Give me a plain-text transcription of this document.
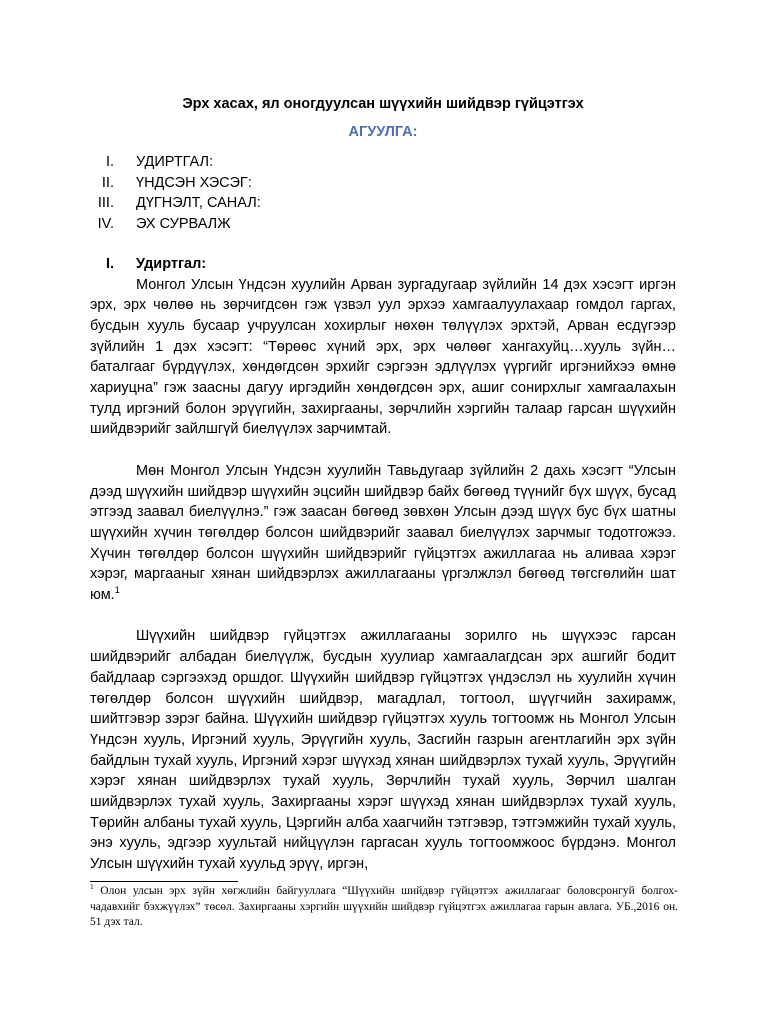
Эрх хасах, ял оногдуулсан шүүхийн шийдвэр гүйцэтгэх
АГУУЛГА:
I. УДИРТГАЛ:
II. ҮНДСЭН ХЭСЭГ:
III. ДҮГНЭЛТ, САНАЛ:
IV. ЭХ СУРВАЛЖ
I. Удиртгал:

Монгол Улсын Үндсэн хуулийн Арван зургадугаар зүйлийн 14 дэх хэсэгт иргэн эрх, эрх чөлөө нь зөрчигдсөн гэж үзвэл уул эрхээ хамгаалуулахаар гомдол гаргах, бусдын хууль бусаар учруулсан хохирлыг нөхөн төлүүлэх эрхтэй, Арван есдүгээр зүйлийн 1 дэх хэсэгт: “Төрөөс хүний эрх, эрх чөлөөг хангахуйц…хууль зүйн…баталгааг бүрдүүлэх, хөндөгдсөн эрхийг сэргээн эдлүүлэх үүргийг иргэнийхээ өмнө хариуцна” гэж заасны дагуу иргэдийн хөндөгдсөн эрх, ашиг сонирхлыг хамгаалахын тулд иргэний болон эрүүгийн, захиргааны, зөрчлийн хэргийн талаар гарсан шүүхийн шийдвэрийг зайлшгүй биелүүлэх зарчимтай.

Мөн Монгол Улсын Үндсэн хуулийн Тавьдугаар зүйлийн 2 дахь хэсэгт “Улсын дээд шүүхийн шийдвэр шүүхийн эцсийн шийдвэр байх бөгөөд түүнийг бүх шүүх, бусад этгээд заавал биелүүлнэ.” гэж заасан бөгөөд зөвхөн Улсын дээд шүүх бус бүх шатны шүүхийн хүчин төгөлдөр болсон шийдвэрийг заавал биелүүлэх зарчмыг тодотгожээ. Хүчин төгөлдөр болсон шүүхийн шийдвэрийг гүйцэтгэх ажиллагаа нь аливаа хэрэг хэрэг, маргааныг хянан шийдвэрлэх ажиллагааны үргэлжлэл бөгөөд төгсгөлийн шат юм.$^1$

Шүүхийн шийдвэр гүйцэтгэх ажиллагааны зорилго нь шүүхээс гарсан шийдвэрийг албадан биелүүлж, бусдын хуулиар хамгаалагдсан эрх ашгийг бодит байдлаар сэргээхэд оршдог. Шүүхийн шийдвэр гүйцэтгэх үндэслэл нь хуулийн хүчин төгөлдөр болсон шүүхийн шийдвэр, магадлал, тогтоол, шүүгчийн захирамж, шийтгэвэр зэрэг байна. Шүүхийн шийдвэр гүйцэтгэх хууль тогтоомж нь Монгол Улсын Үндсэн хууль, Иргэний хууль, Эрүүгийн хууль, Засгийн газрын агентлагийн эрх зүйн байдлын тухай хууль, Иргэний хэрэг шүүхэд хянан шийдвэрлэх тухай хууль, Эрүүгийн хэрэг хянан шийдвэрлэх тухай хууль, Зөрчлийн тухай хууль, Зөрчил шалган шийдвэрлэх тухай хууль, Захиргааны хэрэг шүүхэд хянан шийдвэрлэх тухай хууль, Төрийн албаны тухай хууль, Цэргийн алба хаагчийн тэтгэвэр, тэтгэмжийн тухай хууль, энэ хууль, эдгээр хуультай нийцүүлэн гаргасан хууль тогтоомжоос бүрдэнэ. Монгол Улсын шүүхийн тухай хуульд эрүү, иргэн,

$^1$ Олон улсын эрх зүйн хөгжлийн байгууллага “Шүүхийн шийдвэр гүйцэтгэх ажиллагааг боловсронгуй болгох-чадавхийг бэхжүүлэх” төсөл. Захиргааны хэргийн шүүхийн шийдвэр гүйцэтгэх ажиллагаа гарын авлага. УБ.,2016 он. 51 дэх тал.
